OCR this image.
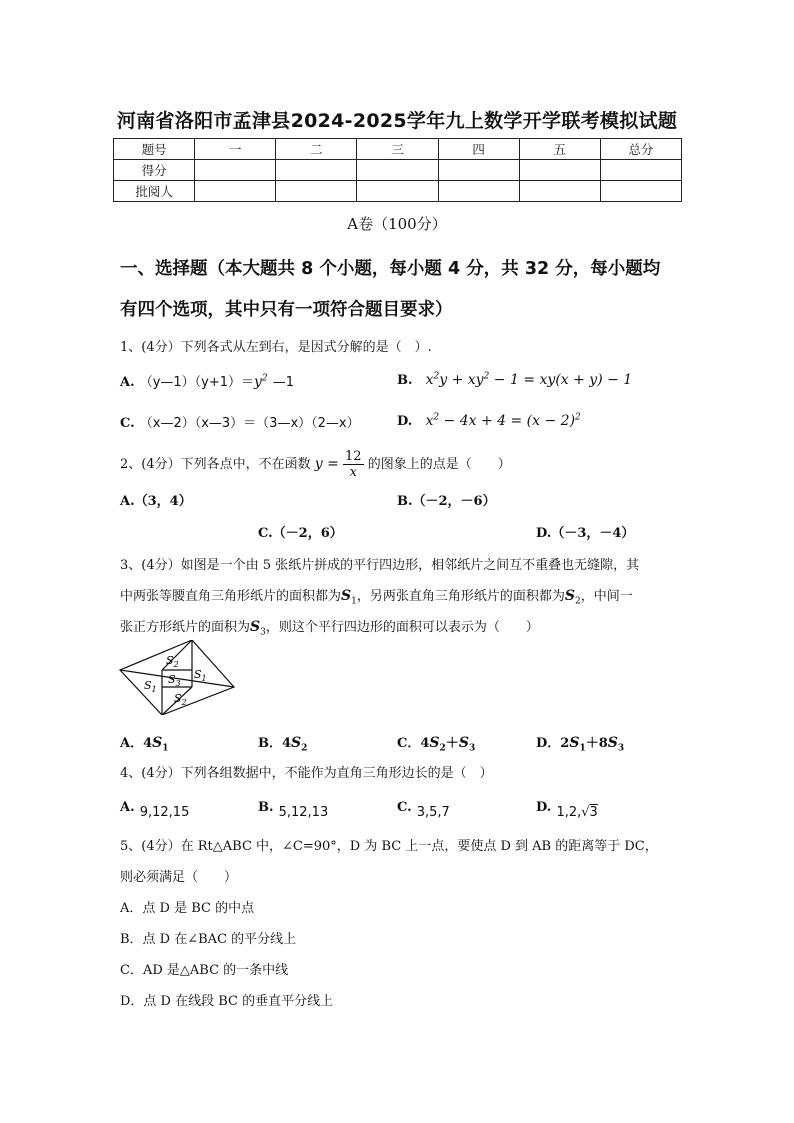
河南省洛阳市孟津县2024-2025学年九上数学开学联考模拟试题
题号	一	二	三	四	五	总分
得分						
批阅人						
A卷（100分）
一、选择题（本大题共 8 个小题，每小题 4 分，共 32 分，每小题均
有四个选项，其中只有一项符合题目要求）
1、(4分）下列各式从左到右，是因式分解的是（　）.
A. $(y—1)(y+1)=y^2$ —1	B. $x^2y + xy^2 - 1 = xy(x + y) - 1$
C. （x—2）（x—3）＝（3—x）（2—x）	D. $x^2 - 4x + 4 = (x - 2)^2$
2、(4分）下列各点中，不在函数 $y = \frac{12}{x}$ 的图象上的点是（　　）
A.（3，4）	B.（－2，－6）
C.（－2，6）	D.（－3，－4）
3、(4分）如图是一个由 5 张纸片拼成的平行四边形，相邻纸片之间互不重叠也无缝隙，其
中两张等腰直角三角形纸片的面积都为$S_1$，另两张直角三角形纸片的面积都为$S_2$，中间一
张正方形纸片的面积为$S_3$，则这个平行四边形的面积可以表示为（　　）
$S_2$
$S_1$
$S_3$
$S_1$
$S_2$
A．$4S_1$	B．$4S_2$	C．$4S_2+S_3$	D．$2S_1+8S_3$
4、(4分）下列各组数据中，不能作为直角三角形边长的是（　）
A. $_{9,12,15}$	B. $_{5,12,13}$	C. $_{3,5,7}$	D. $_{1,2,√3}$
5、(4分）在 Rt△ABC 中，∠C=90°，D 为 BC 上一点，要使点 D 到 AB 的距离等于 DC，
则必须满足（　　）
A．点 D 是 BC 的中点
B．点 D 在∠BAC 的平分线上
C．AD 是△ABC 的一条中线
D．点 D 在线段 BC 的垂直平分线上
